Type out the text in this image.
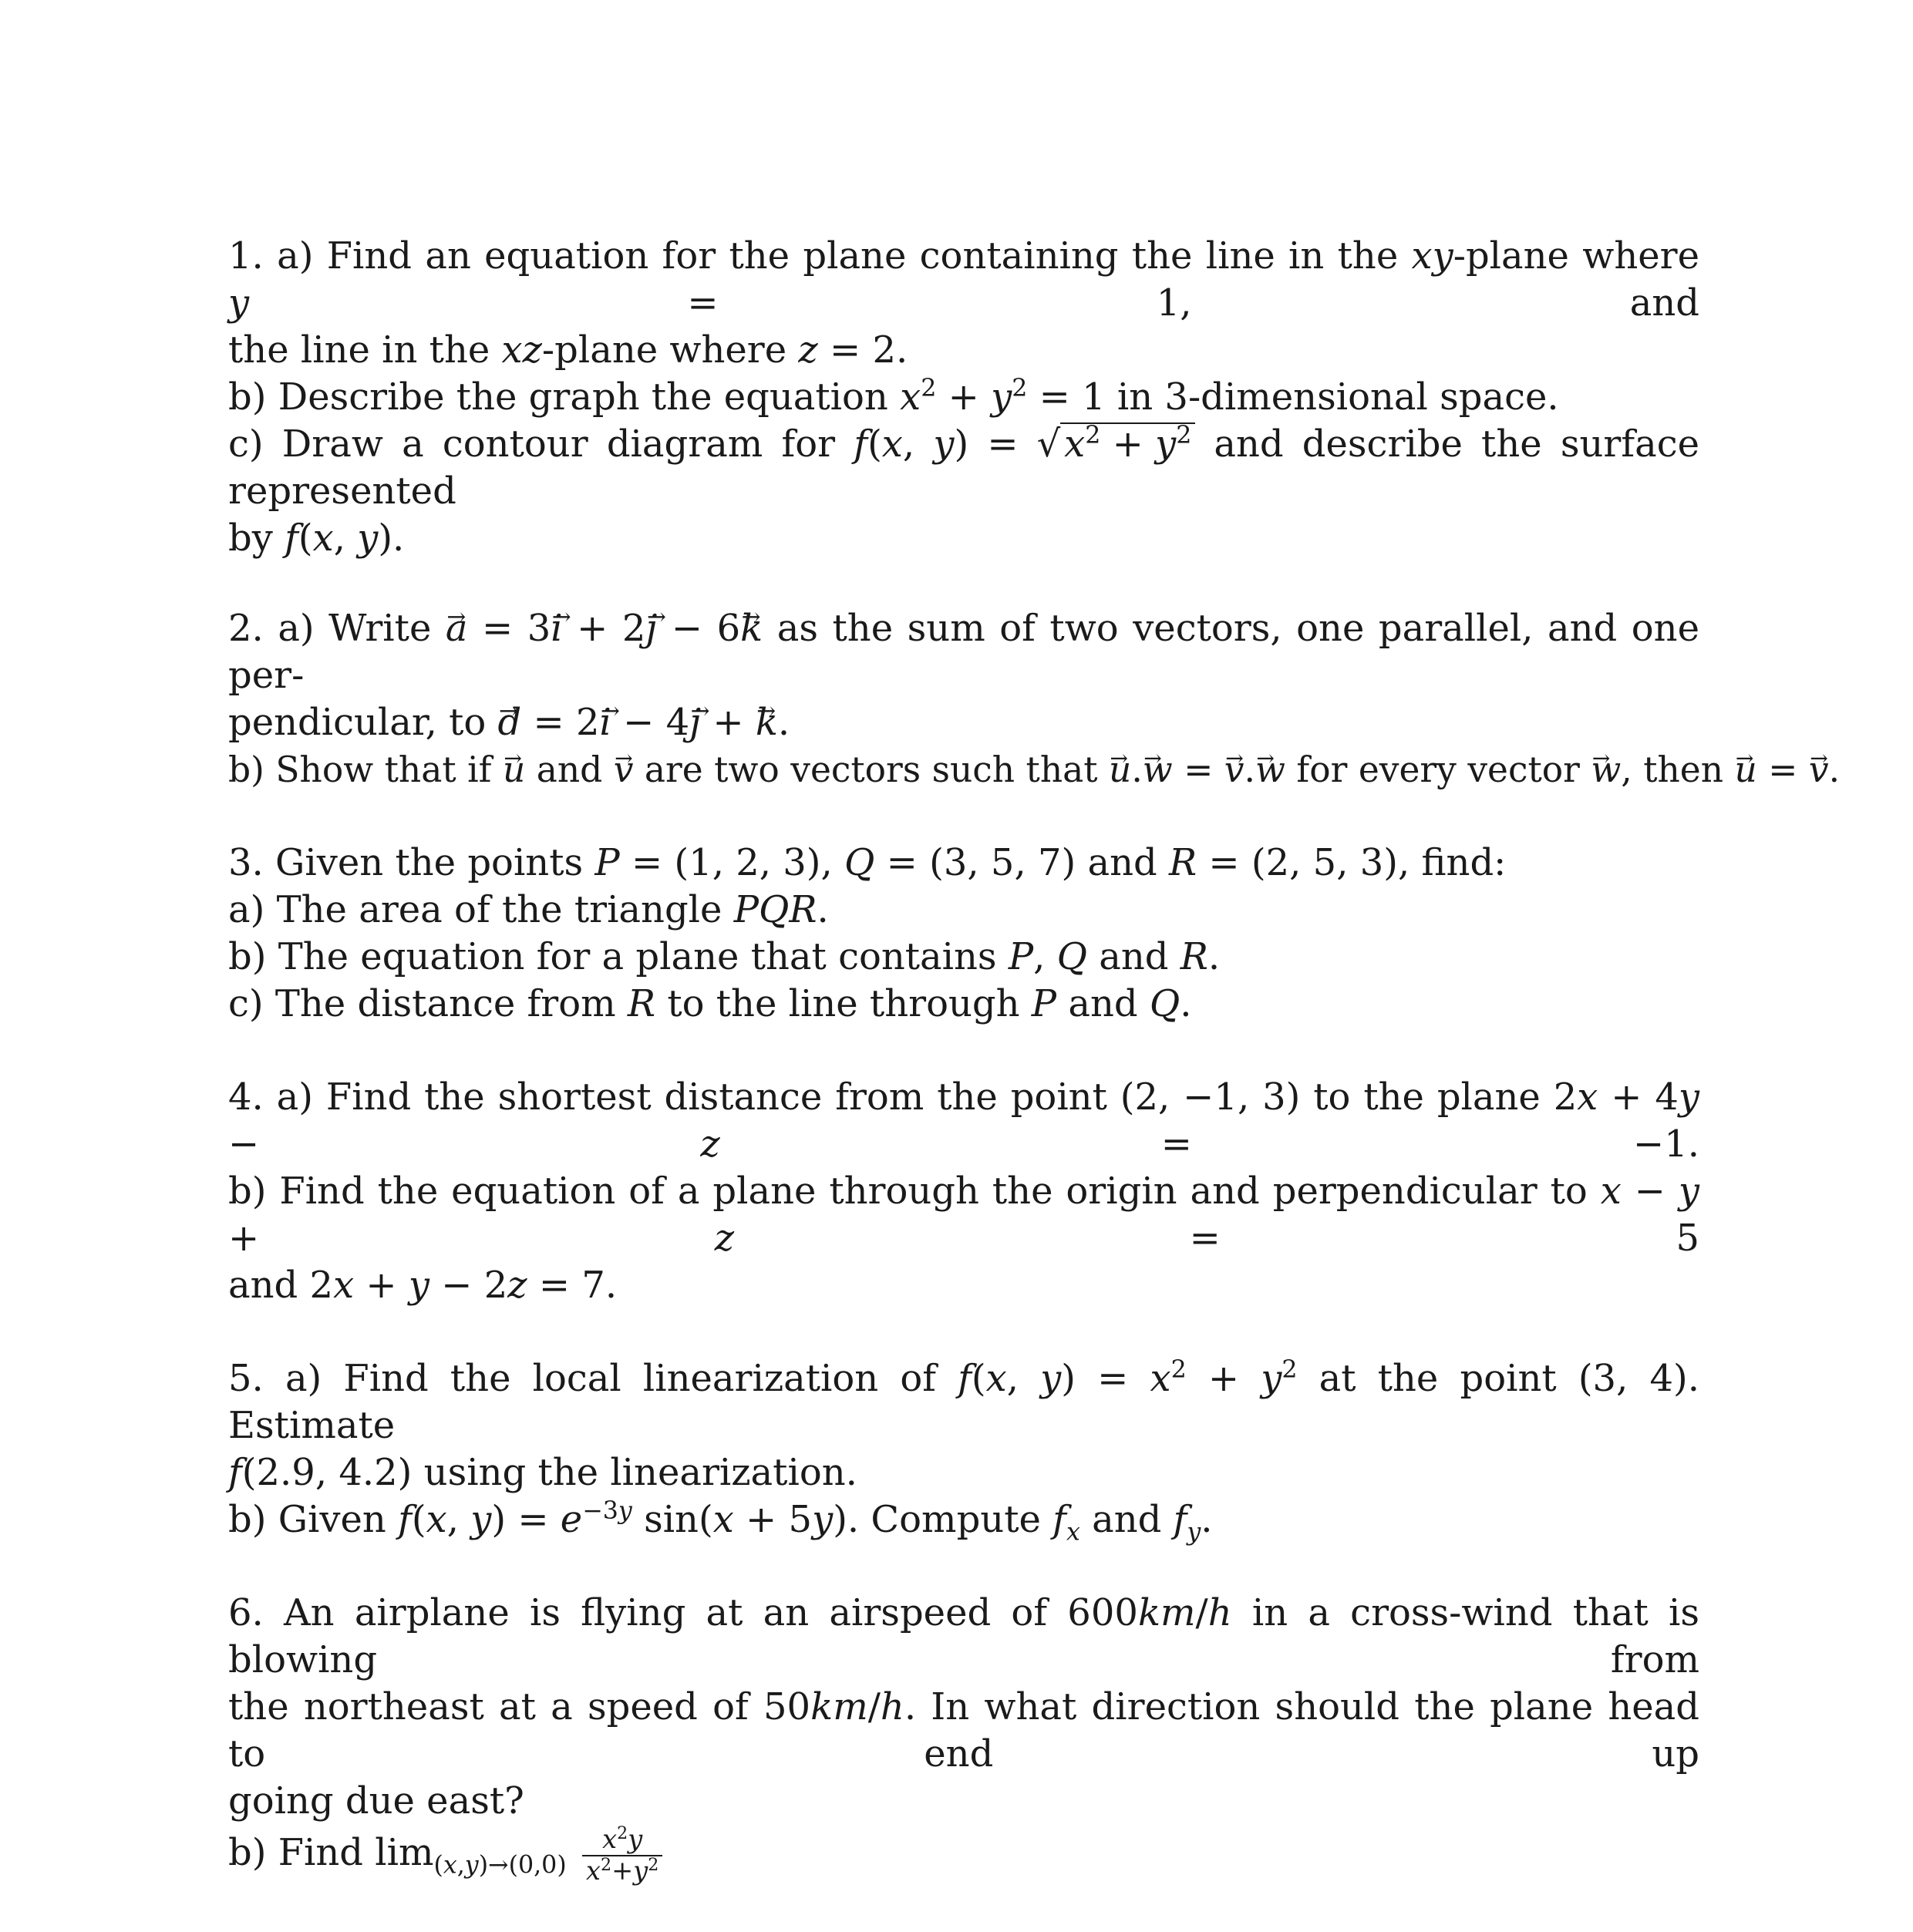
1. a) Find an equation for the plane containing the line in the xy-plane where y = 1, and
the line in the xz-plane where z = 2.
b) Describe the graph the equation $x^2 + y^2 = 1$ in 3-dimensional space.
c) Draw a contour diagram for f(x, $y) = √x^2 + y^2$ and describe the surface represented
by f(x, y).
2. a) Write → a = 3→ i + 2→ j − 6→ k as the sum of two vectors, one parallel, and one per-
pendicular, to → d = 2→ i − 4→ j + → k.
b) Show that if → u and → v are two vectors such that → u.→ w = → v.→ w for every vector → w, then → u = → v.
3. Given the points P = (1, 2, 3), Q = (3, 5, 7) and R = (2, 5, 3), find:
a) The area of the triangle PQR.
b) The equation for a plane that contains P, Q and R.
c) The distance from R to the line through P and Q.
4. a) Find the shortest distance from the point (2, −1, 3) to the plane 2x + 4y − z = −1.
b) Find the equation of a plane through the origin and perpendicular to x − y + z = 5
and 2x + y − 2z = 7.
5. a) Find the local linearization of f(x, $y) = x^2 + y^2$ at the point (3, 4). Estimate
f(2.9, 4.2) using the linearization.
b) Given f(x, $y) = e^{-3y}$ sin(x + 5y). Compute $f_x$ and $f_y$.
6. An airplane is flying at an airspeed of 600km/h in a cross-wind that is blowing from
the northeast at a speed of 50km/h. In what direction should the plane head to end up
going due east?
b) Find $\lim_{(x,y)\to(0,0)} \frac{x^2y}{x^2+y^2}$
